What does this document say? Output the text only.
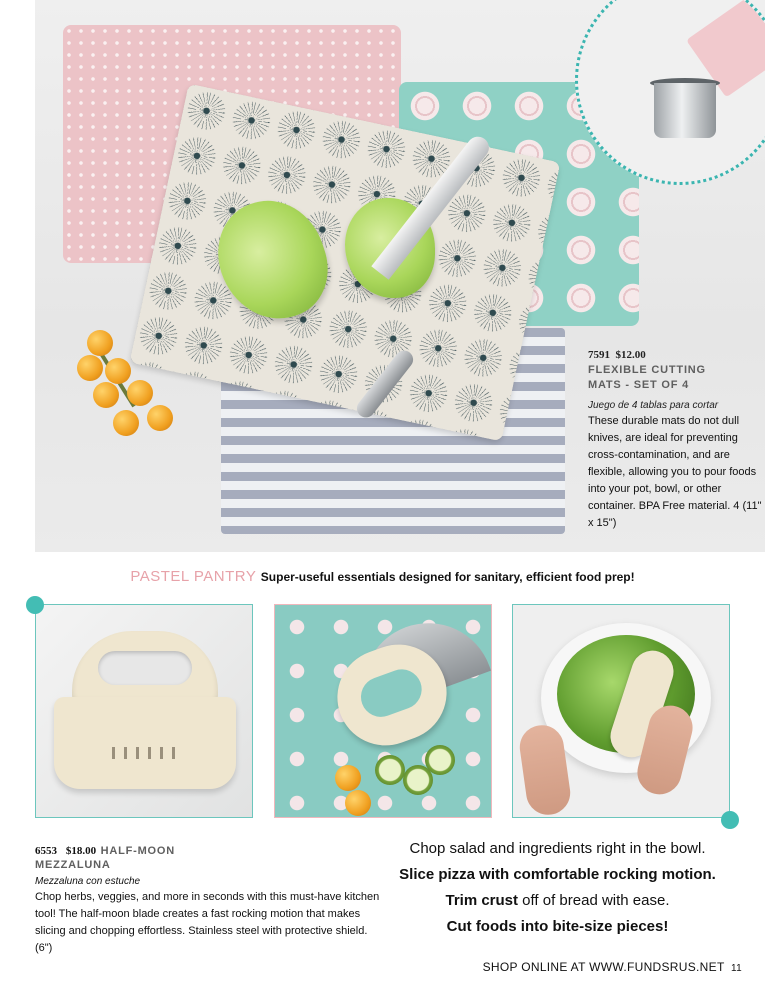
7591 $12.00
FLEXIBLE CUTTING
MATS - SET OF 4
Juego de 4 tablas para cortar
These durable mats do not dull knives, are ideal for preventing cross-contamination, and are flexible, allowing you to pour foods into your pot, bowl, or other container. BPA Free material. 4 (11" x 15")
PASTEL PANTRY Super-useful essentials designed for sanitary, efficient food prep!
6553 $18.00 HALF-MOON
MEZZALUNA
Mezzaluna con estuche
Chop herbs, veggies, and more in seconds with this must-have kitchen tool! The half-moon blade creates a fast rocking motion that makes slicing and chopping effortless. Stainless steel with protective shield. (6")
Chop salad and ingredients right in the bowl.
Slice pizza with comfortable rocking motion.
Trim crust off of bread with ease.
Cut foods into bite-size pieces!
SHOP ONLINE AT WWW.FUNDSRUS.NET 11
